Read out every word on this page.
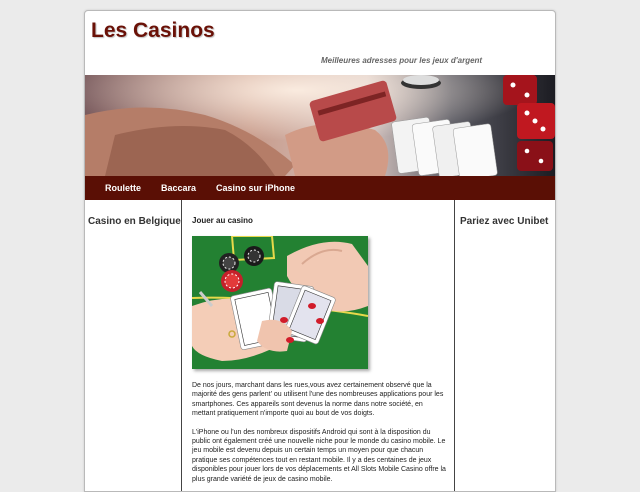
Les Casinos
Meilleures adresses pour les jeux d'argent
Roulette	Baccara	Casino sur iPhone
Casino en Belgique Jouer au casino

De nos jours, marchant dans les rues,vous avez certainement observé que la majorité des gens parlent' ou utilisent l'une des nombreuses applications pour les smartphones. Ces appareils sont devenus la norme dans notre société, en mettant pratiquement n'importe quoi au bout de vos doigts.

L'iPhone ou l'un des nombreux dispositifs Android qui sont à la disposition du public ont également créé une nouvelle niche pour le monde du casino mobile. Le jeu mobile est devenu depuis un certain temps un moyen pour que chacun pratique ses compétences tout en restant mobile. Il y a des centaines de jeux disponibles pour jouer lors de vos déplacements et All Slots Mobile Casino offre la plus grande variété de jeux de casino mobile.

Pariez avec Unibet
